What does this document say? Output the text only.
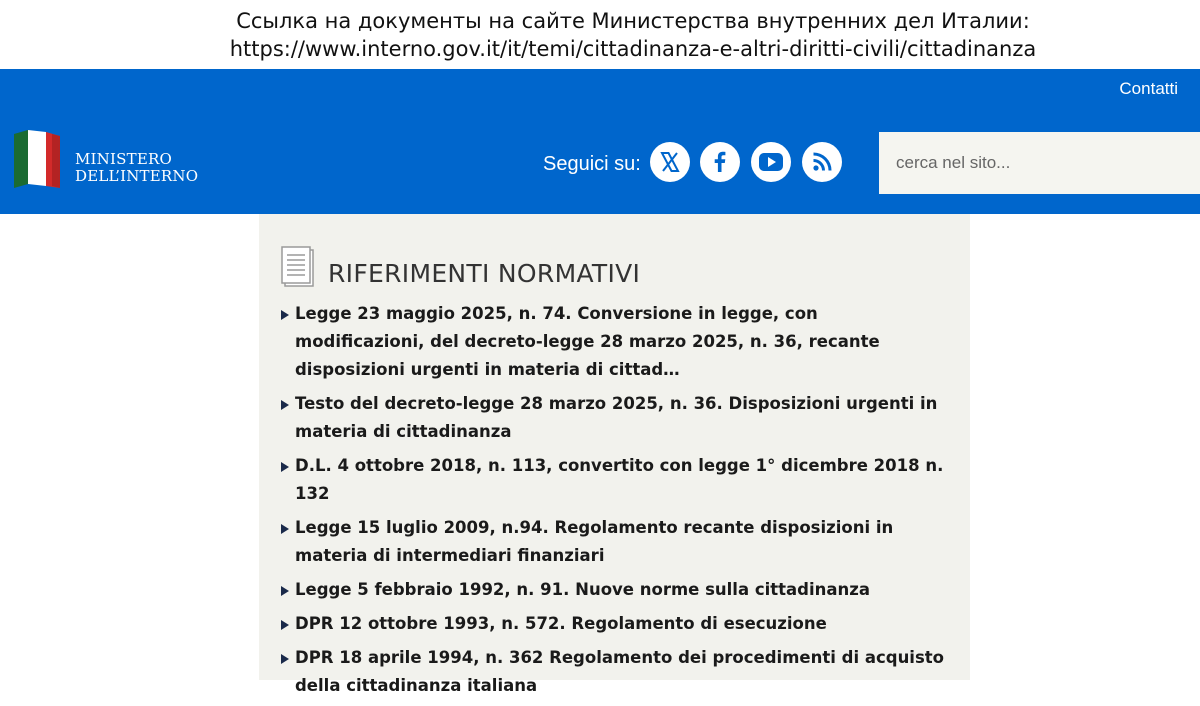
Ссылка на документы на сайте Министерства внутренних дел Италии:
https://www.interno.gov.it/it/temi/cittadinanza-e-altri-diritti-civili/cittadinanza
Contatti
MINISTERO
DELL’INTERNO
Seguici su:
cerca nel sito...
RIFERIMENTI NORMATIVI
Legge 23 maggio 2025, n. 74. Conversione in legge, con modificazioni, del decreto-legge 28 marzo 2025, n. 36, recante disposizioni urgenti in materia di cittad…
Testo del decreto-legge 28 marzo 2025, n. 36. Disposizioni urgenti in materia di cittadinanza
D.L. 4 ottobre 2018, n. 113, convertito con legge 1° dicembre 2018 n. 132
Legge 15 luglio 2009, n.94. Regolamento recante disposizioni in materia di intermediari finanziari
Legge 5 febbraio 1992, n. 91. Nuove norme sulla cittadinanza
DPR 12 ottobre 1993, n. 572. Regolamento di esecuzione
DPR 18 aprile 1994, n. 362 Regolamento dei procedimenti di acquisto della cittadinanza italiana
